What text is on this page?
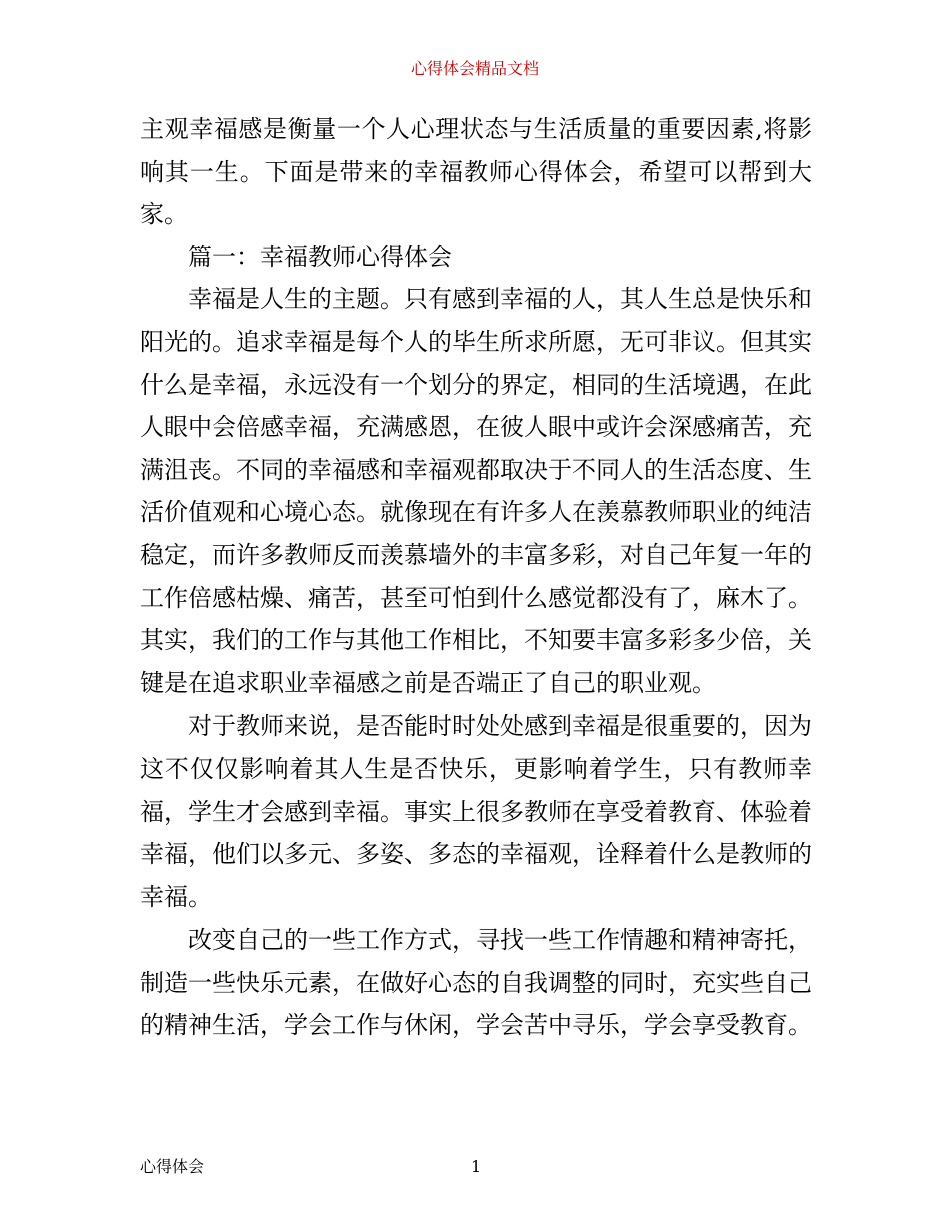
心得体会精品文档

主观幸福感是衡量一个人心理状态与生活质量的重要因素,将影响其一生。下面是带来的幸福教师心得体会，希望可以帮到大家。

篇一：幸福教师心得体会

幸福是人生的主题。只有感到幸福的人，其人生总是快乐和阳光的。追求幸福是每个人的毕生所求所愿，无可非议。但其实什么是幸福，永远没有一个划分的界定，相同的生活境遇，在此人眼中会倍感幸福，充满感恩，在彼人眼中或许会深感痛苦，充满沮丧。不同的幸福感和幸福观都取决于不同人的生活态度、生活价值观和心境心态。就像现在有许多人在羡慕教师职业的纯洁稳定，而许多教师反而羡慕墙外的丰富多彩，对自己年复一年的工作倍感枯燥、痛苦，甚至可怕到什么感觉都没有了，麻木了。其实，我们的工作与其他工作相比，不知要丰富多彩多少倍，关键是在追求职业幸福感之前是否端正了自己的职业观。

对于教师来说，是否能时时处处感到幸福是很重要的，因为这不仅仅影响着其人生是否快乐，更影响着学生，只有教师幸福，学生才会感到幸福。事实上很多教师在享受着教育、体验着幸福，他们以多元、多姿、多态的幸福观，诠释着什么是教师的幸福。

改变自己的一些工作方式，寻找一些工作情趣和精神寄托，制造一些快乐元素，在做好心态的自我调整的同时，充实些自己的精神生活，学会工作与休闲，学会苦中寻乐，学会享受教育。

心得体会	1
